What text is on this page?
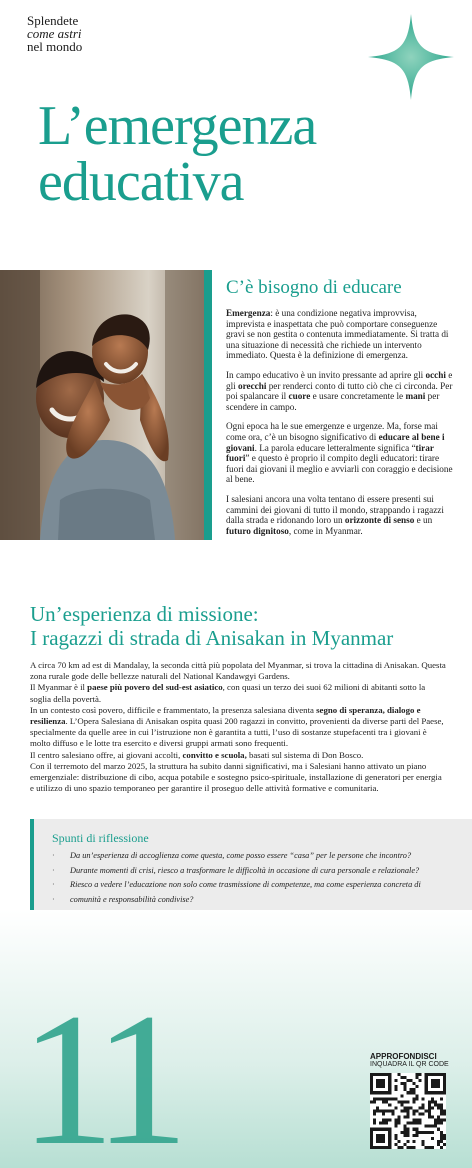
Splendete
come astri
nel mondo
L’emergenza
educativa
C’è bisogno di educare

Emergenza: è una condizione negativa improvvisa, imprevista e inaspettata che può comportare conseguenze gravi se non gestita o contenuta immediatamente. Si tratta di una situazione di necessità che richiede un intervento immediato. Questa è la definizione di emergenza.

In campo educativo è un invito pressante ad aprire gli occhi e gli orecchi per renderci conto di tutto ciò che ci circonda. Per poi spalancare il cuore e usare concretamente le mani per scendere in campo.

Ogni epoca ha le sue emergenze e urgenze. Ma, forse mai come ora, c’è un bisogno significativo di educare al bene i giovani. La parola educare letteralmente significa “tirar fuori” e questo è proprio il compito degli educatori: tirare fuori dai giovani il meglio e avviarli con coraggio e decisione al bene.

I salesiani ancora una volta tentano di essere presenti sui cammini dei giovani di tutto il mondo, strappando i ragazzi dalla strada e ridonando loro un orizzonte di senso e un futuro dignitoso, come in Myanmar.

Un’esperienza di missione:
I ragazzi di strada di Anisakan in Myanmar

A circa 70 km ad est di Mandalay, la seconda città più popolata del Myanmar, si trova la cittadina di Anisakan. Questa zona rurale gode delle bellezze naturali del National Kandawgyi Gardens.

Il Myanmar è il paese più povero del sud-est asiatico, con quasi un terzo dei suoi 62 milioni di abitanti sotto la soglia della povertà.

In un contesto così povero, difficile e frammentato, la presenza salesiana diventa segno di speranza, dialogo e resilienza. L’Opera Salesiana di Anisakan ospita quasi 200 ragazzi in convitto, provenienti da diverse parti del Paese, specialmente da quelle aree in cui l’istruzione non è garantita a tutti, l’uso di sostanze stupefacenti tra i giovani è molto diffuso e le lotte tra esercito e diversi gruppi armati sono frequenti.

Il centro salesiano offre, ai giovani accolti, convitto e scuola, basati sul sistema di Don Bosco.

Con il terremoto del marzo 2025, la struttura ha subito danni significativi, ma i Salesiani hanno attivato un piano emergenziale: distribuzione di cibo, acqua potabile e sostegno psico-spirituale, installazione di generatori per energia e utilizzo di uno spazio temporaneo per garantire il proseguo delle attività formative e comunitaria.

Spunti di riflessione
· Da un’esperienza di accoglienza come questa, come posso essere “casa” per le persone che incontro?
· Durante momenti di crisi, riesco a trasformare le difficoltà in occasione di cura personale e relazionale?
· Riesco a vedere l’educazione non solo come trasmissione di competenze, ma come esperienza concreta di
· comunità e responsabilità condivise?
11	APPROFONDISCI
INQUADRA IL QR CODE
